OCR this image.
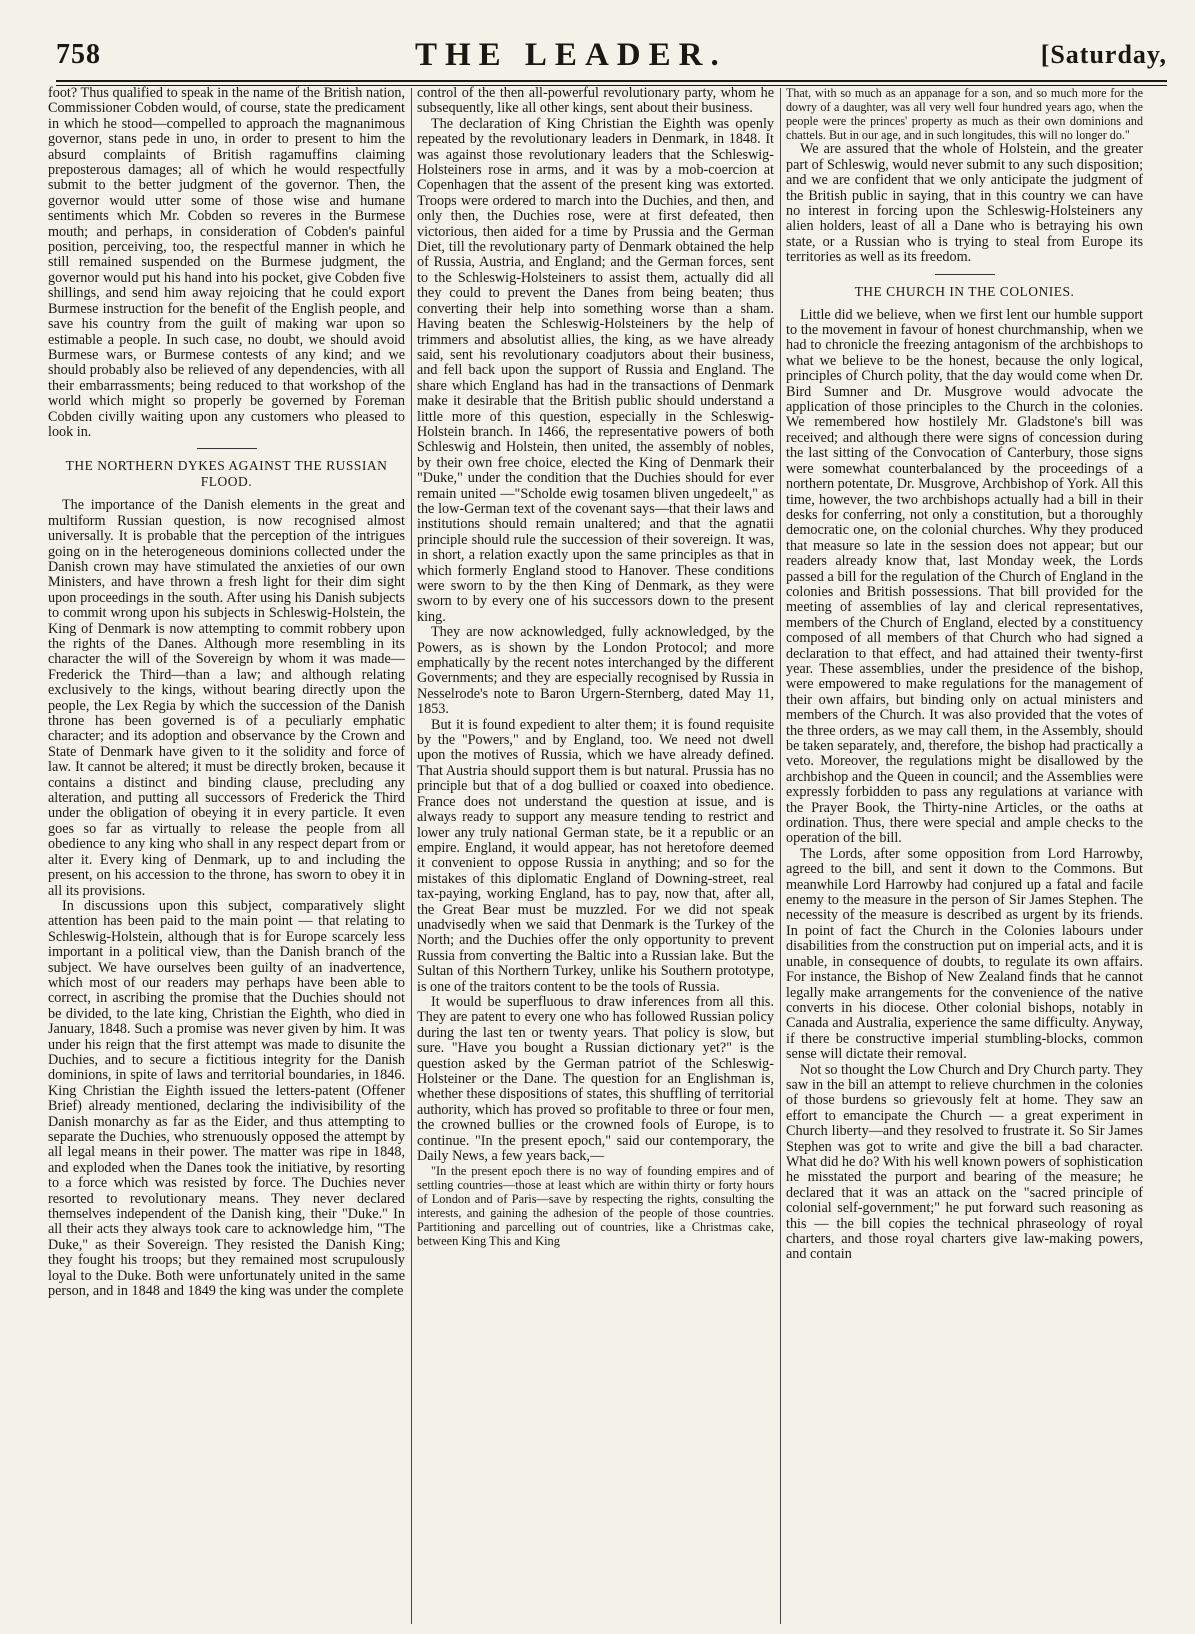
758	THE LEADER.	[Saturday,

foot? Thus qualified to speak in the name of the British nation, Commissioner Cobden would, of course, state the predicament in which he stood—compelled to approach the magnanimous governor, stans pede in uno, in order to present to him the absurd complaints of British ragamuffins claiming preposterous damages; all of which he would respectfully submit to the better judgment of the governor. Then, the governor would utter some of those wise and humane sentiments which Mr. Cobden so reveres in the Burmese mouth; and perhaps, in consideration of Cobden's painful position, perceiving, too, the respectful manner in which he still remained suspended on the Burmese judgment, the governor would put his hand into his pocket, give Cobden five shillings, and send him away rejoicing that he could export Burmese instruction for the benefit of the English people, and save his country from the guilt of making war upon so estimable a people. In such case, no doubt, we should avoid Burmese wars, or Burmese contests of any kind; and we should probably also be relieved of any dependencies, with all their embarrassments; being reduced to that workshop of the world which might so properly be governed by Foreman Cobden civilly waiting upon any customers who pleased to look in.

THE NORTHERN DYKES AGAINST THE RUSSIAN FLOOD.

The importance of the Danish elements in the great and multiform Russian question, is now recognised almost universally. It is probable that the perception of the intrigues going on in the heterogeneous dominions collected under the Danish crown may have stimulated the anxieties of our own Ministers, and have thrown a fresh light for their dim sight upon proceedings in the south. After using his Danish subjects to commit wrong upon his subjects in Schleswig-Holstein, the King of Denmark is now attempting to commit robbery upon the rights of the Danes. Although more resembling in its character the will of the Sovereign by whom it was made—Frederick the Third—than a law; and although relating exclusively to the kings, without bearing directly upon the people, the Lex Regia by which the succession of the Danish throne has been governed is of a peculiarly emphatic character; and its adoption and observance by the Crown and State of Denmark have given to it the solidity and force of law. It cannot be altered; it must be directly broken, because it contains a distinct and binding clause, precluding any alteration, and putting all successors of Frederick the Third under the obligation of obeying it in every particle. It even goes so far as virtually to release the people from all obedience to any king who shall in any respect depart from or alter it. Every king of Denmark, up to and including the present, on his accession to the throne, has sworn to obey it in all its provisions.

In discussions upon this subject, comparatively slight attention has been paid to the main point — that relating to Schleswig-Holstein, although that is for Europe scarcely less important in a political view, than the Danish branch of the subject. We have ourselves been guilty of an inadvertence, which most of our readers may perhaps have been able to correct, in ascribing the promise that the Duchies should not be divided, to the late king, Christian the Eighth, who died in January, 1848. Such a promise was never given by him. It was under his reign that the first attempt was made to disunite the Duchies, and to secure a fictitious integrity for the Danish dominions, in spite of laws and territorial boundaries, in 1846. King Christian the Eighth issued the letters-patent (Offener Brief) already mentioned, declaring the indivisibility of the Danish monarchy as far as the Eider, and thus attempting to separate the Duchies, who strenuously opposed the attempt by all legal means in their power. The matter was ripe in 1848, and exploded when the Danes took the initiative, by resorting to a force which was resisted by force. The Duchies never resorted to revolutionary means. They never declared themselves independent of the Danish king, their "Duke." In all their acts they always took care to acknowledge him, "The Duke," as their Sovereign. They resisted the Danish King; they fought his troops; but they remained most scrupulously loyal to the Duke. Both were unfortunately united in the same person, and in 1848 and 1849 the king was under the complete

control of the then all-powerful revolutionary party, whom he subsequently, like all other kings, sent about their business.

The declaration of King Christian the Eighth was openly repeated by the revolutionary leaders in Denmark, in 1848. It was against those revolutionary leaders that the Schleswig-Holsteiners rose in arms, and it was by a mob-coercion at Copenhagen that the assent of the present king was extorted. Troops were ordered to march into the Duchies, and then, and only then, the Duchies rose, were at first defeated, then victorious, then aided for a time by Prussia and the German Diet, till the revolutionary party of Denmark obtained the help of Russia, Austria, and England; and the German forces, sent to the Schleswig-Holsteiners to assist them, actually did all they could to prevent the Danes from being beaten; thus converting their help into something worse than a sham. Having beaten the Schleswig-Holsteiners by the help of trimmers and absolutist allies, the king, as we have already said, sent his revolutionary coadjutors about their business, and fell back upon the support of Russia and England. The share which England has had in the transactions of Denmark make it desirable that the British public should understand a little more of this question, especially in the Schleswig-Holstein branch. In 1466, the representative powers of both Schleswig and Holstein, then united, the assembly of nobles, by their own free choice, elected the King of Denmark their "Duke," under the condition that the Duchies should for ever remain united —"Scholde ewig tosamen bliven ungedeelt," as the low-German text of the covenant says—that their laws and institutions should remain unaltered; and that the agnatii principle should rule the succession of their sovereign. It was, in short, a relation exactly upon the same principles as that in which formerly England stood to Hanover. These conditions were sworn to by the then King of Denmark, as they were sworn to by every one of his successors down to the present king.

They are now acknowledged, fully acknowledged, by the Powers, as is shown by the London Protocol; and more emphatically by the recent notes interchanged by the different Governments; and they are especially recognised by Russia in Nesselrode's note to Baron Urgern-Sternberg, dated May 11, 1853.

But it is found expedient to alter them; it is found requisite by the "Powers," and by England, too. We need not dwell upon the motives of Russia, which we have already defined. That Austria should support them is but natural. Prussia has no principle but that of a dog bullied or coaxed into obedience. France does not understand the question at issue, and is always ready to support any measure tending to restrict and lower any truly national German state, be it a republic or an empire. England, it would appear, has not heretofore deemed it convenient to oppose Russia in anything; and so for the mistakes of this diplomatic England of Downing-street, real tax-paying, working England, has to pay, now that, after all, the Great Bear must be muzzled. For we did not speak unadvisedly when we said that Denmark is the Turkey of the North; and the Duchies offer the only opportunity to prevent Russia from converting the Baltic into a Russian lake. But the Sultan of this Northern Turkey, unlike his Southern prototype, is one of the traitors content to be the tools of Russia.

It would be superfluous to draw inferences from all this. They are patent to every one who has followed Russian policy during the last ten or twenty years. That policy is slow, but sure. "Have you bought a Russian dictionary yet?" is the question asked by the German patriot of the Schleswig-Holsteiner or the Dane. The question for an Englishman is, whether these dispositions of states, this shuffling of territorial authority, which has proved so profitable to three or four men, the crowned bullies or the crowned fools of Europe, is to continue. "In the present epoch," said our contemporary, the Daily News, a few years back,—

"In the present epoch there is no way of founding empires and of settling countries—those at least which are within thirty or forty hours of London and of Paris—save by respecting the rights, consulting the interests, and gaining the adhesion of the people of those countries. Partitioning and parcelling out of countries, like a Christmas cake, between King This and King

That, with so much as an appanage for a son, and so much more for the dowry of a daughter, was all very well four hundred years ago, when the people were the princes' property as much as their own dominions and chattels. But in our age, and in such longitudes, this will no longer do."

We are assured that the whole of Holstein, and the greater part of Schleswig, would never submit to any such disposition; and we are confident that we only anticipate the judgment of the British public in saying, that in this country we can have no interest in forcing upon the Schleswig-Holsteiners any alien holders, least of all a Dane who is betraying his own state, or a Russian who is trying to steal from Europe its territories as well as its freedom.

THE CHURCH IN THE COLONIES.

Little did we believe, when we first lent our humble support to the movement in favour of honest churchmanship, when we had to chronicle the freezing antagonism of the archbishops to what we believe to be the honest, because the only logical, principles of Church polity, that the day would come when Dr. Bird Sumner and Dr. Musgrove would advocate the application of those principles to the Church in the colonies. We remembered how hostilely Mr. Gladstone's bill was received; and although there were signs of concession during the last sitting of the Convocation of Canterbury, those signs were somewhat counterbalanced by the proceedings of a northern potentate, Dr. Musgrove, Archbishop of York. All this time, however, the two archbishops actually had a bill in their desks for conferring, not only a constitution, but a thoroughly democratic one, on the colonial churches. Why they produced that measure so late in the session does not appear; but our readers already know that, last Monday week, the Lords passed a bill for the regulation of the Church of England in the colonies and British possessions. That bill provided for the meeting of assemblies of lay and clerical representatives, members of the Church of England, elected by a constituency composed of all members of that Church who had signed a declaration to that effect, and had attained their twenty-first year. These assemblies, under the presidence of the bishop, were empowered to make regulations for the management of their own affairs, but binding only on actual ministers and members of the Church. It was also provided that the votes of the three orders, as we may call them, in the Assembly, should be taken separately, and, therefore, the bishop had practically a veto. Moreover, the regulations might be disallowed by the archbishop and the Queen in council; and the Assemblies were expressly forbidden to pass any regulations at variance with the Prayer Book, the Thirty-nine Articles, or the oaths at ordination. Thus, there were special and ample checks to the operation of the bill.

The Lords, after some opposition from Lord Harrowby, agreed to the bill, and sent it down to the Commons. But meanwhile Lord Harrowby had conjured up a fatal and facile enemy to the measure in the person of Sir James Stephen. The necessity of the measure is described as urgent by its friends. In point of fact the Church in the Colonies labours under disabilities from the construction put on imperial acts, and it is unable, in consequence of doubts, to regulate its own affairs. For instance, the Bishop of New Zealand finds that he cannot legally make arrangements for the convenience of the native converts in his diocese. Other colonial bishops, notably in Canada and Australia, experience the same difficulty. Anyway, if there be constructive imperial stumbling-blocks, common sense will dictate their removal.

Not so thought the Low Church and Dry Church party. They saw in the bill an attempt to relieve churchmen in the colonies of those burdens so grievously felt at home. They saw an effort to emancipate the Church — a great experiment in Church liberty—and they resolved to frustrate it. So Sir James Stephen was got to write and give the bill a bad character. What did he do? With his well known powers of sophistication he misstated the purport and bearing of the measure; he declared that it was an attack on the "sacred principle of colonial self-government;" he put forward such reasoning as this — the bill copies the technical phraseology of royal charters, and those royal charters give law-making powers, and contain
